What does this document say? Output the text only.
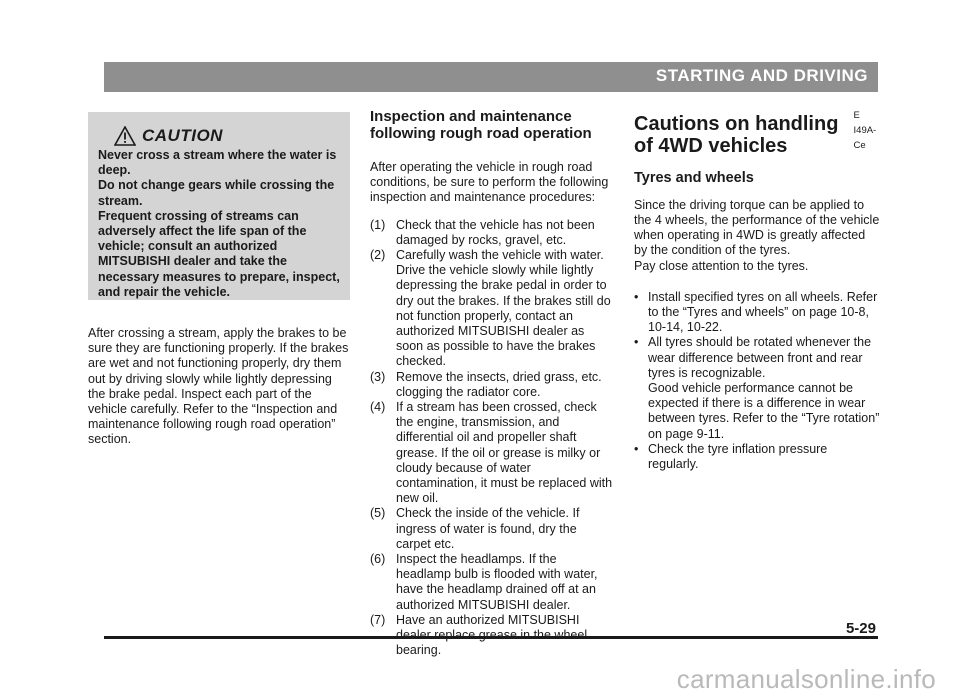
STARTING AND DRIVING
CAUTION

Never cross a stream where the water is deep.

Do not change gears while crossing the stream.

Frequent crossing of streams can adversely affect the life span of the vehicle; consult an authorized MITSUBISHI dealer and take the necessary measures to prepare, inspect, and repair the vehicle.

After crossing a stream, apply the brakes to be sure they are functioning properly. If the brakes are wet and not functioning properly, dry them out by driving slowly while lightly depressing the brake pedal. Inspect each part of the vehicle carefully. Refer to the “Inspection and maintenance following rough road operation” section.

Inspection and maintenance following rough road operation

After operating the vehicle in rough road conditions, be sure to perform the following inspection and maintenance procedures:

(1) Check that the vehicle has not been damaged by rocks, gravel, etc.
(2) Carefully wash the vehicle with water. Drive the vehicle slowly while lightly depressing the brake pedal in order to dry out the brakes. If the brakes still do not function properly, contact an authorized MITSUBISHI dealer as soon as possible to have the brakes checked.
(3) Remove the insects, dried grass, etc. clogging the radiator core.
(4) If a stream has been crossed, check the engine, transmission, and differential oil and propeller shaft grease. If the oil or grease is milky or cloudy because of water contamination, it must be replaced with new oil.
(5) Check the inside of the vehicle. If ingress of water is found, dry the carpet etc.
(6) Inspect the headlamps. If the headlamp bulb is flooded with water, have the headlamp drained off at an authorized MITSUBISHI dealer.
(7) Have an authorized MITSUBISHI bearing.
Cautions on handling of 4WD vehicles
E I49A-Ce
Tyres and wheels

Since the driving torque can be applied to the 4 wheels, the performance of the vehicle when operating in 4WD is greatly affected by the condition of the tyres.

Pay close attention to the tyres.

• Install specified tyres on all wheels. Refer to the “Tyres and wheels” on page 10-8, 10-14, 10-22.
• All tyres should be rotated whenever the wear difference between front and rear tyres is recognizable.
Good vehicle performance cannot be expected if there is a difference in wear between tyres. Refer to the “Tyre rotation” on page 9-11.
• Check the tyre inflation pressure regularly.
5-29
carmanualsonline.info
